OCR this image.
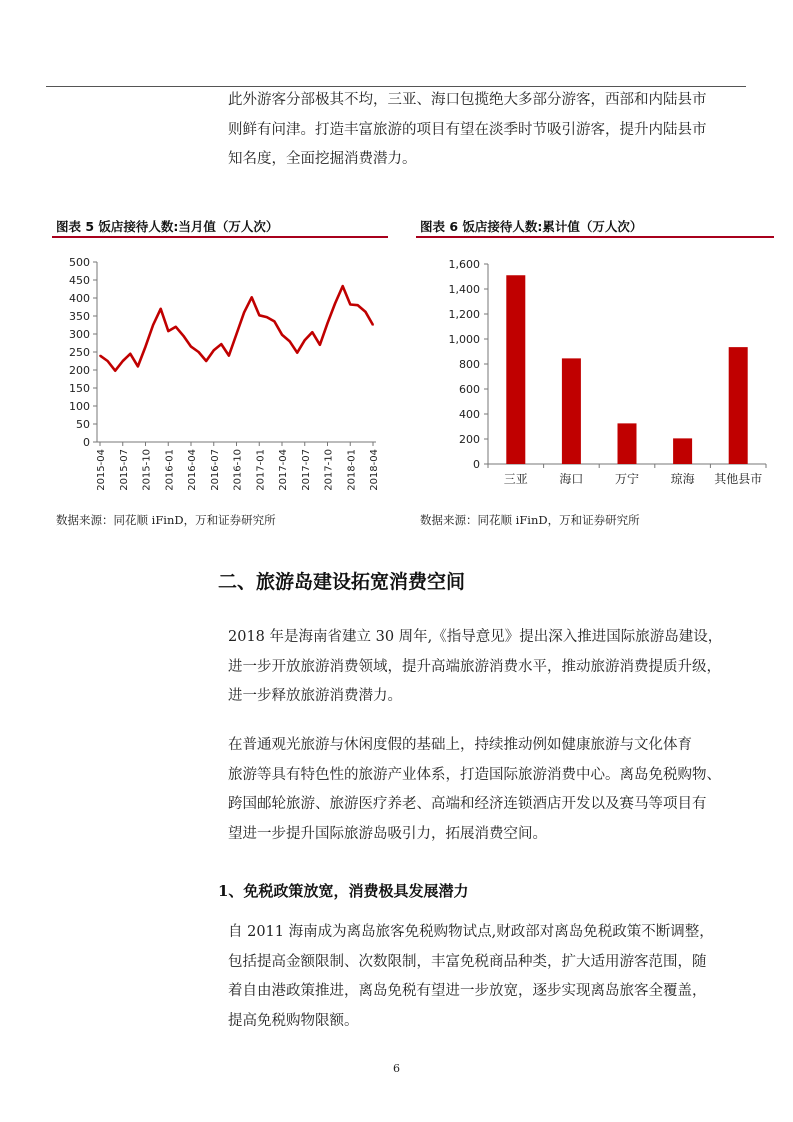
此外游客分部极其不均，三亚、海口包揽绝大多部分游客，西部和内陆县市
则鲜有问津。打造丰富旅游的项目有望在淡季时节吸引游客，提升内陆县市
知名度，全面挖掘消费潜力。
图表 5 饭店接待人数:当月值（万人次）
0
50
100
150
200
250
300
350
400
450
500
2015-04 2015-07 2015-10 2016-01 2016-04 2016-07 2016-10 2017-01 2017-04 2017-07 2017-10 2018-01 2018-04
数据来源：同花顺 iFinD，万和证券研究所
图表 6 饭店接待人数:累计值（万人次）
0
200
400
600
800
1,000
1,200
1,400
1,600
三亚	海口	万宁	琼海 其他县市
数据来源：同花顺 iFinD，万和证券研究所
二、旅游岛建设拓宽消费空间
2018 年是海南省建立 30 周年,《指导意见》提出深入推进国际旅游岛建设，
进一步开放旅游消费领域，提升高端旅游消费水平，推动旅游消费提质升级，
进一步释放旅游消费潜力。
在普通观光旅游与休闲度假的基础上，持续推动例如健康旅游与文化体育
旅游等具有特色性的旅游产业体系，打造国际旅游消费中心。离岛免税购物、
跨国邮轮旅游、旅游医疗养老、高端和经济连锁酒店开发以及赛马等项目有
望进一步提升国际旅游岛吸引力，拓展消费空间。
1、免税政策放宽，消费极具发展潜力
自 2011 海南成为离岛旅客免税购物试点,财政部对离岛免税政策不断调整，
包括提高金额限制、次数限制，丰富免税商品种类，扩大适用游客范围，随
着自由港政策推进，离岛免税有望进一步放宽，逐步实现离岛旅客全覆盖，
提高免税购物限额。
6
